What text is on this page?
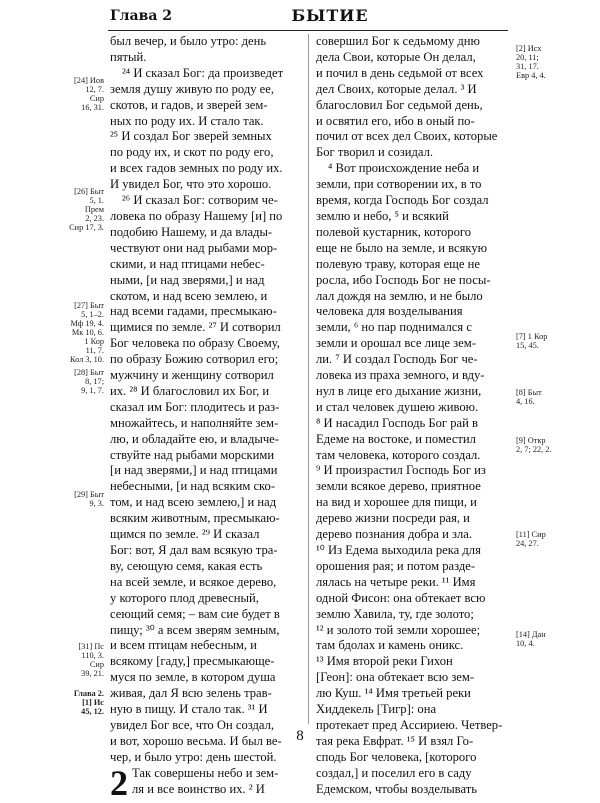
Глава 2	БЫТИЕ
[24] Иов
12, 7.
Сир
16, 31.
[26] Быт
5, 1.
Прем
2, 23.
Сир 17, 3.
[27] Быт
5, 1–2.
Мф 19, 4.
Мк 10, 6.
1 Кор
11, 7.
Кол 3, 10.
[28] Быт
8, 17;
9, 1, 7.
[29] Быт
9, 3.
[31] Пс
110, 3.
Сир
39, 21.
Глава 2.
[1] Ис
45, 12.
[2] Исх
20, 11;
31, 17.
Евр 4, 4.
[7] 1 Кор
15, 45.
[8] Быт
4, 16.
[9] Откр
2, 7; 22, 2.
[11] Сир
24, 27.
[14] Дан
10, 4.
был вечер, и было утро: день
пятый.
²⁴ И сказал Бог: да произведет
земля душу живую по роду ее,
скотов, и гадов, и зверей зем-
ных по роду их. И стало так.
²⁵ И создал Бог зверей земных
по роду их, и скот по роду его,
и всех гадов земных по роду их.
И увидел Бог, что это хорошо.
²⁶ И сказал Бог: сотворим че-
ловека по образу Нашему [и] по
подобию Нашему, и да влады-
чествуют они над рыбами мор-
скими, и над птицами небес-
ными, [и над зверями,] и над
скотом, и над всею землею, и
над всеми гадами, пресмыкаю-
щимися по земле. ²⁷ И сотворил
Бог человека по образу Своему,
по образу Божию сотворил его;
мужчину и женщину сотворил
их. ²⁸ И благословил их Бог, и
сказал им Бог: плодитесь и раз-
множайтесь, и наполняйте зем-
лю, и обладайте ею, и владыче-
ствуйте над рыбами морскими
[и над зверями,] и над птицами
небесными, [и над всяким ско-
том, и над всею землею,] и над
всяким животным, пресмыкаю-
щимся по земле. ²⁹ И сказал
Бог: вот, Я дал вам всякую тра-
ву, сеющую семя, какая есть
на всей земле, и всякое дерево,
у которого плод древесный,
сеющий семя; – вам сие будет в
пищу; ³⁰ а всем зверям земным,
и всем птицам небесным, и
всякому [гаду,] пресмыкающе-
муся по земле, в котором душа
живая, дал Я всю зелень трав-
ную в пищу. И стало так. ³¹ И
увидел Бог все, что Он создал,
и вот, хорошо весьма. И был ве-
чер, и было утро: день шестой.
2 Так совершены небо и зем-
ля и все воинство их. ² И
совершил Бог к седьмому дню
дела Свои, которые Он делал,
и почил в день седьмой от всех
дел Своих, которые делал. ³ И
благословил Бог седьмой день,
и освятил его, ибо в оный по-
почил от всех дел Своих, которые
Бог творил и созидал.
⁴ Вот происхождение неба и
земли, при сотворении их, в то
время, когда Господь Бог создал
землю и небо, ⁵ и всякий
полевой кустарник, которого
еще не было на земле, и всякую
полевую траву, которая еще не
росла, ибо Господь Бог не посы-
лал дождя на землю, и не было
человека для возделывания
земли, ⁶ но пар поднимался с
земли и орошал все лице зем-
ли. ⁷ И создал Господь Бог че-
ловека из праха земного, и вду-
нул в лице его дыхание жизни,
и стал человек душею живою.
⁸ И насадил Господь Бог рай в
Едеме на востоке, и поместил
там человека, которого создал.
⁹ И произрастил Господь Бог из
земли всякое дерево, приятное
на вид и хорошее для пищи, и
дерево жизни посреди рая, и
дерево познания добра и зла.
¹⁰ Из Едема выходила река для
орошения рая; и потом разде-
лялась на четыре реки. ¹¹ Имя
одной Фисон: она обтекает всю
землю Хавила, ту, где золото;
¹² и золото той земли хорошее;
там бдолах и камень оникс.
¹³ Имя второй реки Гихон
[Геон]: она обтекает всю зем-
лю Куш. ¹⁴ Имя третьей реки
Хиддекель [Тигр]: она
протекает пред Ассириею. Четвер-
тая река Евфрат. ¹⁵ И взял Го-
сподь Бог человека, [которого
создал,] и поселил его в саду
Едемском, чтобы возделывать
8
